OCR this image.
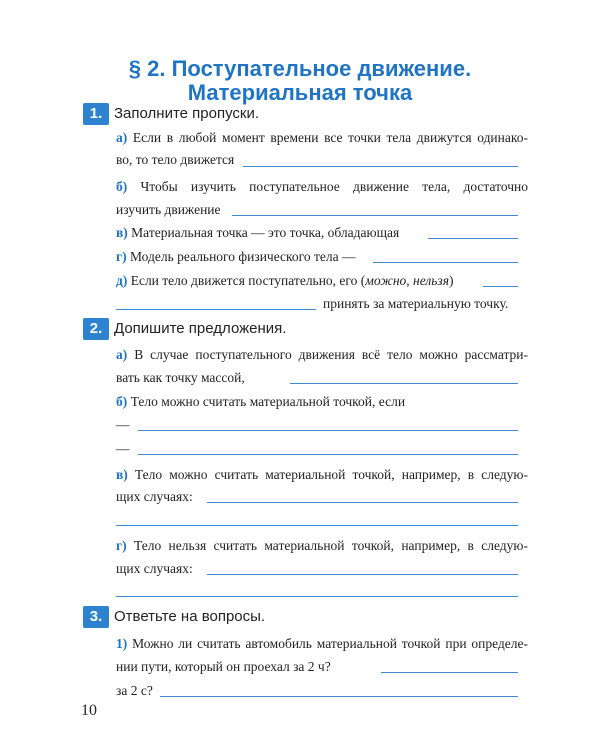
§ 2. Поступательное движение.
Материальная точка
1. Заполните пропуски.
а) Если в любой момент времени все точки тела движутся одинако-
во, то тело движется
б) Чтобы изучить поступательное движение тела, достаточно
изучить движение
в) Материальная точка — это точка, обладающая
г) Модель реального физического тела —
д) Если тело движется поступательно, его (можно, нельзя)
принять за материальную точку.
2. Допишите предложения.
а) В случае поступательного движения всё тело можно рассматри-
вать как точку массой,
б) Тело можно считать материальной точкой, если
—
—
в) Тело можно считать материальной точкой, например, в следую-
щих случаях:
г) Тело нельзя считать материальной точкой, например, в следую-
щих случаях:
3. Ответьте на вопросы.
1) Можно ли считать автомобиль материальной точкой при определе-
нии пути, который он проехал за 2 ч?
за 2 с?
10
